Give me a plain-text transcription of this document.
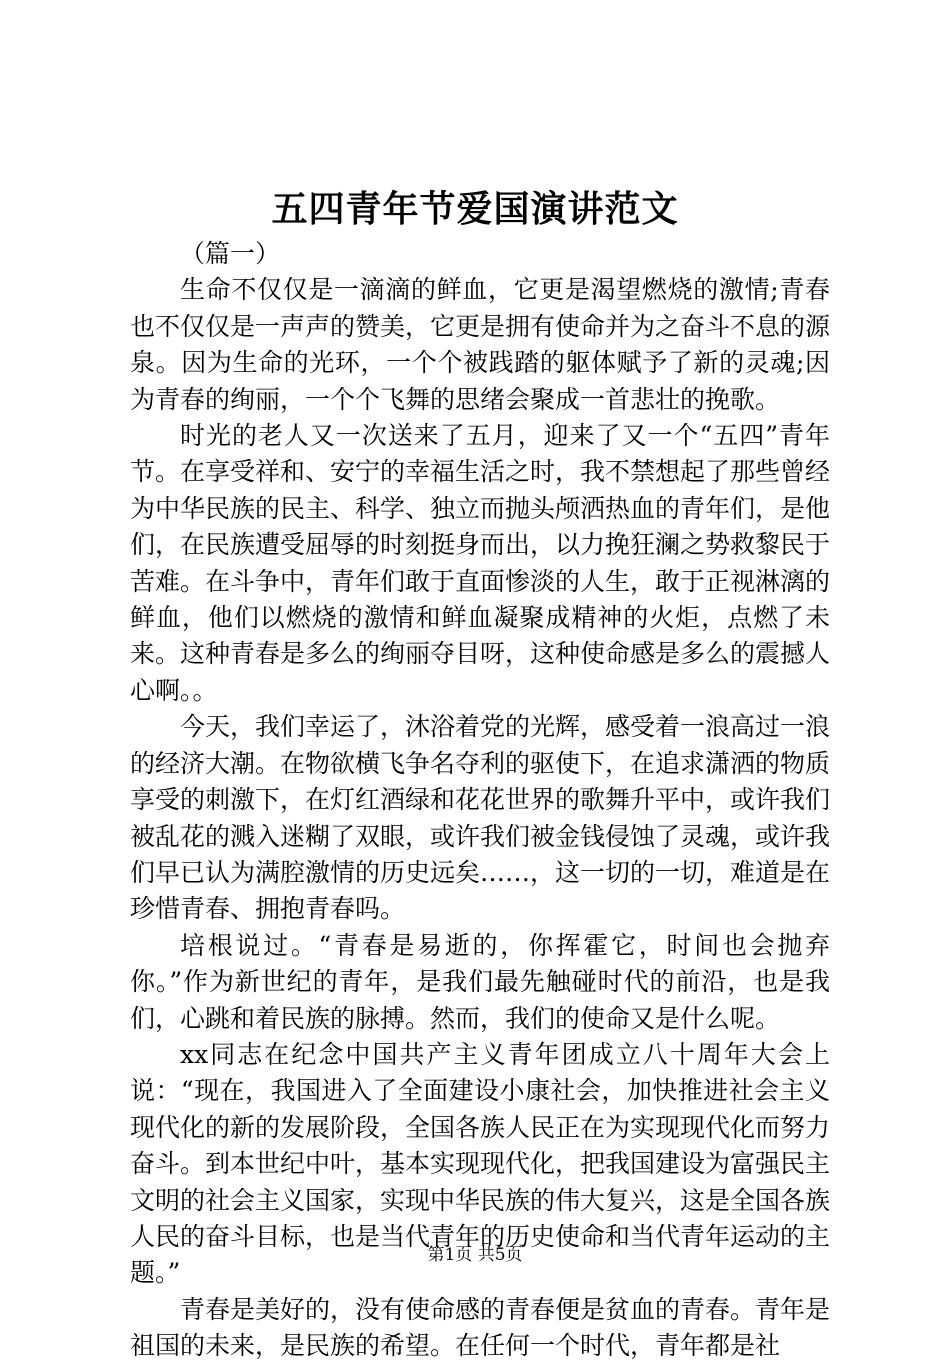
五四青年节爱国演讲范文

（篇一）

生命不仅仅是一滴滴的鲜血，它更是渴望燃烧的激情;青春也不仅仅是一声声的赞美，它更是拥有使命并为之奋斗不息的源泉。因为生命的光环，一个个被践踏的躯体赋予了新的灵魂;因为青春的绚丽，一个个飞舞的思绪会聚成一首悲壮的挽歌。

时光的老人又一次送来了五月，迎来了又一个“五四”青年节。在享受祥和、安宁的幸福生活之时，我不禁想起了那些曾经为中华民族的民主、科学、独立而抛头颅洒热血的青年们，是他们，在民族遭受屈辱的时刻挺身而出，以力挽狂澜之势救黎民于苦难。在斗争中，青年们敢于直面惨淡的人生，敢于正视淋漓的鲜血，他们以燃烧的激情和鲜血凝聚成精神的火炬，点燃了未来。这种青春是多么的绚丽夺目呀，这种使命感是多么的震撼人心啊。。

今天，我们幸运了，沐浴着党的光辉，感受着一浪高过一浪的经济大潮。在物欲横飞争名夺利的驱使下，在追求潇洒的物质享受的刺激下，在灯红酒绿和花花世界的歌舞升平中，或许我们被乱花的溅入迷糊了双眼，或许我们被金钱侵蚀了灵魂，或许我们早已认为满腔激情的历史远矣……，这一切的一切，难道是在珍惜青春、拥抱青春吗。

培根说过。“青春是易逝的，你挥霍它，时间也会抛弃你。”作为新世纪的青年，是我们最先触碰时代的前沿，也是我们，心跳和着民族的脉搏。然而，我们的使命又是什么呢。

xx同志在纪念中国共产主义青年团成立八十周年大会上说：“现在，我国进入了全面建设小康社会，加快推进社会主义现代化的新的发展阶段，全国各族人民正在为实现现代化而努力奋斗。到本世纪中叶，基本实现现代化，把我国建设为富强民主文明的社会主义国家，实现中华民族的伟大复兴，这是全国各族人民的奋斗目标，也是当代青年的历史使命和当代青年运动的主题。”

青春是美好的，没有使命感的青春便是贫血的青春。青年是祖国的未来，是民族的希望。在任何一个时代，青年都是社

第1页 共5页
